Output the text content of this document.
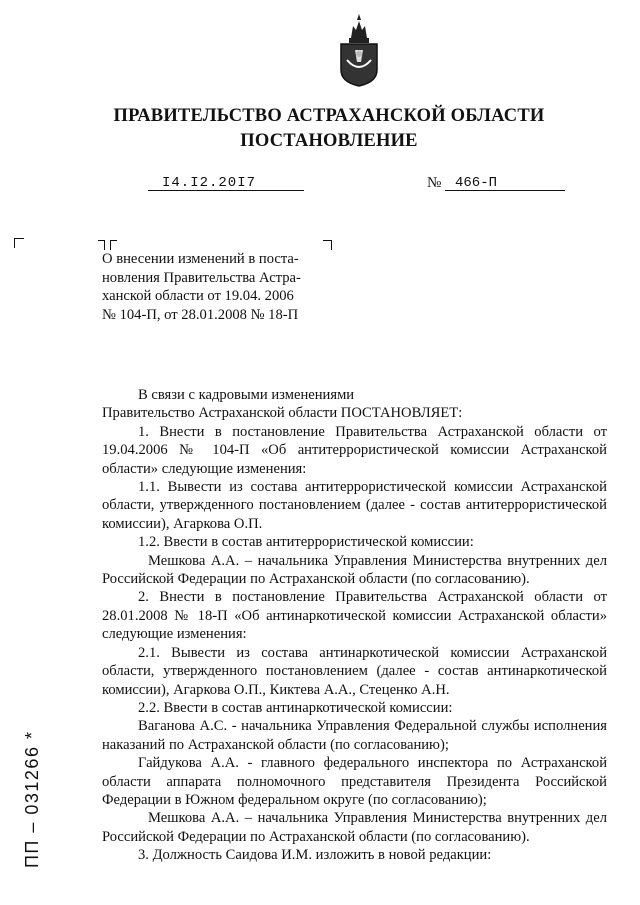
ПРАВИТЕЛЬСТВО АСТРАХАНСКОЙ ОБЛАСТИ
ПОСТАНОВЛЕНИЕ
I4.I2.20I7	№ 466-П

О внесении изменений в поста-

новления Правительства Астра-

ханской области от 19.04. 2006

№ 104-П, от 28.01.2008 № 18-П

В связи с кадровыми изменениями

Правительство Астраханской области ПОСТАНОВЛЯЕТ:

1. Внести в постановление Правительства Астраханской области от 19.04.2006 № 104-П «Об антитеррористической комиссии Астраханской области» следующие изменения:

1.1. Вывести из состава антитеррористической комиссии Астраханской области, утвержденного постановлением (далее - состав антитеррористической комиссии), Агаркова О.П.

1.2. Ввести в состав антитеррористической комиссии:

Мешкова А.А. – начальника Управления Министерства внутренних дел Российской Федерации по Астраханской области (по согласованию).

2. Внести в постановление Правительства Астраханской области от 28.01.2008 № 18-П «Об антинаркотической комиссии Астраханской области» следующие изменения:

2.1. Вывести из состава антинаркотической комиссии Астраханской области, утвержденного постановлением (далее - состав антинаркотической комиссии), Агаркова О.П., Киктева А.А., Стеценко А.Н.

2.2. Ввести в состав антинаркотической комиссии:

Ваганова А.С. - начальника Управления Федеральной службы исполнения наказаний по Астраханской области (по согласованию);

Гайдукова А.А. - главного федерального инспектора по Астраханской области аппарата полномочного представителя Президента Российской Федерации в Южном федеральном округе (по согласованию);

Мешкова А.А. – начальника Управления Министерства внутренних дел Российской Федерации по Астраханской области (по согласованию).

3. Должность Саидова И.М. изложить в новой редакции:

ПП – 031266 *
